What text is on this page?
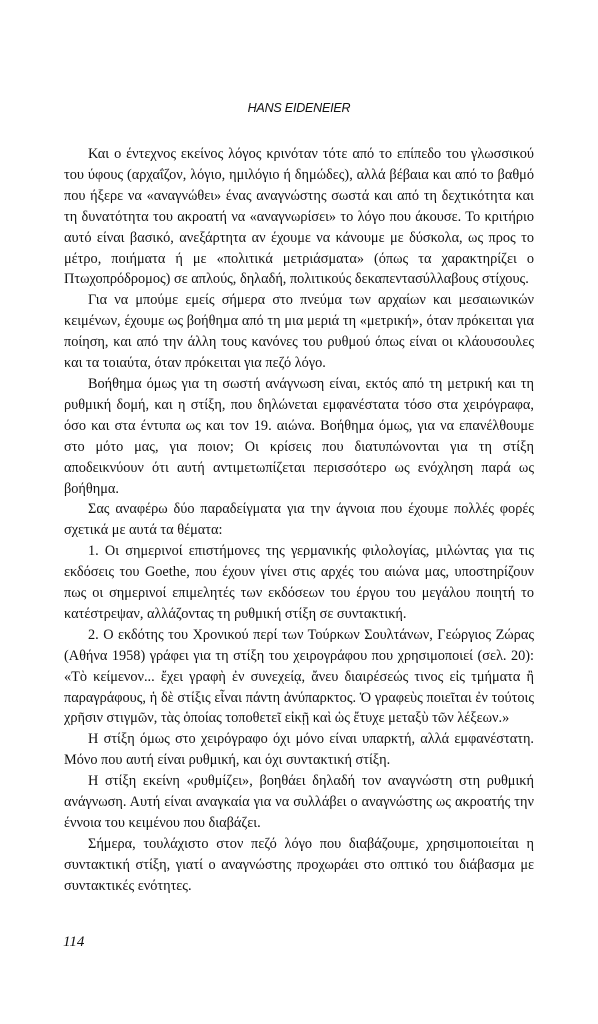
HANS EIDENEIER

Και ο έντεχνος εκείνος λόγος κρινόταν τότε από το επίπεδο του γλωσσικού του ύφους (αρχαΐζον, λόγιο, ημιλόγιο ή δημώδες), αλλά βέβαια και από το βαθμό που ήξερε να «αναγνώθει» ένας αναγνώστης σωστά και από τη δεχτικότητα και τη δυνατότητα του ακροατή να «αναγνωρίσει» το λόγο που άκουσε. Το κριτήριο αυτό είναι βασικό, ανεξάρτητα αν έχουμε να κάνουμε με δύσκολα, ως προς το μέτρο, ποιήματα ή με «πολιτικά μετριάσματα» (όπως τα χαρακτηρίζει ο Πτωχοπρόδρομος) σε απλούς, δηλαδή, πολιτικούς δεκαπεντασύλλαβους στίχους.

Για να μπούμε εμείς σήμερα στο πνεύμα των αρχαίων και μεσαιωνικών κειμένων, έχουμε ως βοήθημα από τη μια μεριά τη «μετρική», όταν πρόκειται για ποίηση, και από την άλλη τους κανόνες του ρυθμού όπως είναι οι κλάουσουλες και τα τοιαύτα, όταν πρόκειται για πεζό λόγο.

Βοήθημα όμως για τη σωστή ανάγνωση είναι, εκτός από τη μετρική και τη ρυθμική δομή, και η στίξη, που δηλώνεται εμφανέστατα τόσο στα χειρόγραφα, όσο και στα έντυπα ως και τον 19. αιώνα. Βοήθημα όμως, για να επανέλθουμε στο μότο μας, για ποιον; Οι κρίσεις που διατυπώνονται για τη στίξη αποδεικνύουν ότι αυτή αντιμετωπίζεται περισσότερο ως ενόχληση παρά ως βοήθημα.

Σας αναφέρω δύο παραδείγματα για την άγνοια που έχουμε πολλές φορές σχετικά με αυτά τα θέματα:

1. Οι σημερινοί επιστήμονες της γερμανικής φιλολογίας, μιλώντας για τις εκδόσεις του Goethe, που έχουν γίνει στις αρχές του αιώνα μας, υποστηρίζουν πως οι σημερινοί επιμελητές των εκδόσεων του έργου του μεγάλου ποιητή το κατέστρεψαν, αλλάζοντας τη ρυθμική στίξη σε συντακτική.

2. Ο εκδότης του Χρονικού περί των Τούρκων Σουλτάνων, Γεώργιος Ζώρας (Αθήνα 1958) γράφει για τη στίξη του χειρογράφου που χρησιμοποιεί (σελ. 20): «Τὸ κείμενον... ἔχει γραφὴ ἐν συνεχείᾳ, ἄνευ διαιρέσεώς τινος εἰς τμήματα ἢ παραγράφους, ἡ δὲ στίξις εἶναι πάντη ἀνύπαρκτος. Ὁ γραφεὺς ποιεῖται ἐν τούτοις χρῆσιν στιγμῶν, τὰς ὁποίας τοποθετεῖ εἰκῇ καὶ ὡς ἔτυχε μεταξὺ τῶν λέξεων.»

Η στίξη όμως στο χειρόγραφο όχι μόνο είναι υπαρκτή, αλλά εμφανέστατη. Μόνο που αυτή είναι ρυθμική, και όχι συντακτική στίξη.

Η στίξη εκείνη «ρυθμίζει», βοηθάει δηλαδή τον αναγνώστη στη ρυθμική ανάγνωση. Αυτή είναι αναγκαία για να συλλάβει ο αναγνώστης ως ακροατής την έννοια του κειμένου που διαβάζει.

Σήμερα, τουλάχιστο στον πεζό λόγο που διαβάζουμε, χρησιμοποιείται η συντακτική στίξη, γιατί ο αναγνώστης προχωράει στο οπτικό του διάβασμα με συντακτικές ενότητες.

114
